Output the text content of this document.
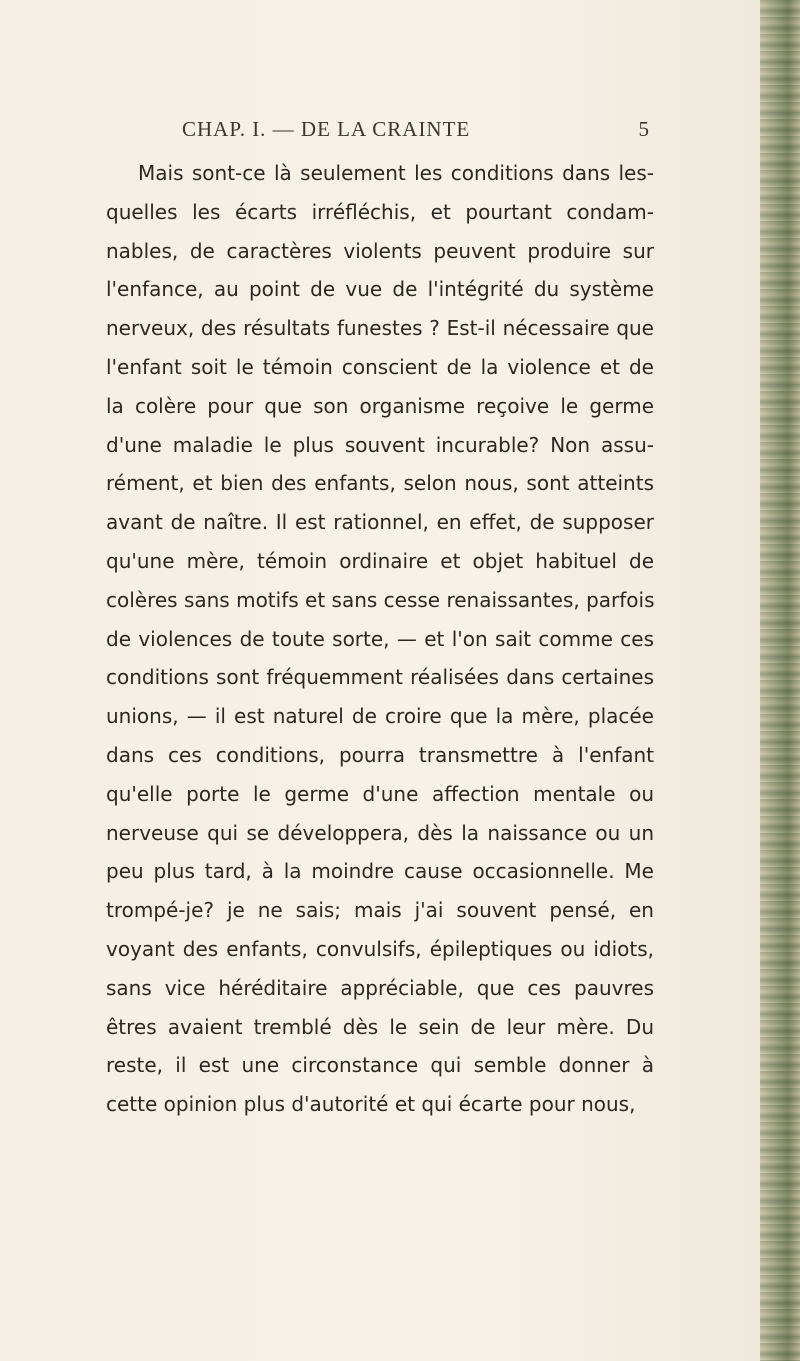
CHAP. I. — DE LA CRAINTE	5
Mais sont-ce là seulement les conditions dans les-
quelles les écarts irréfléchis, et pourtant condam-
nables, de caractères violents peuvent produire sur
l'enfance, au point de vue de l'intégrité du système
nerveux, des résultats funestes ? Est-il nécessaire que
l'enfant soit le témoin conscient de la violence et de
la colère pour que son organisme reçoive le germe
d'une maladie le plus souvent incurable? Non assu-
rément, et bien des enfants, selon nous, sont atteints
avant de naître. Il est rationnel, en effet, de supposer
qu'une mère, témoin ordinaire et objet habituel de
colères sans motifs et sans cesse renaissantes, parfois
de violences de toute sorte, — et l'on sait comme ces
conditions sont fréquemment réalisées dans certaines
unions, — il est naturel de croire que la mère, placée
dans ces conditions, pourra transmettre à l'enfant
qu'elle porte le germe d'une affection mentale ou
nerveuse qui se développera, dès la naissance ou un
peu plus tard, à la moindre cause occasionnelle. Me
trompé-je? je ne sais; mais j'ai souvent pensé, en
voyant des enfants, convulsifs, épileptiques ou idiots,
sans vice héréditaire appréciable, que ces pauvres
êtres avaient tremblé dès le sein de leur mère. Du
reste, il est une circonstance qui semble donner à
cette opinion plus d'autorité et qui écarte pour nous,
